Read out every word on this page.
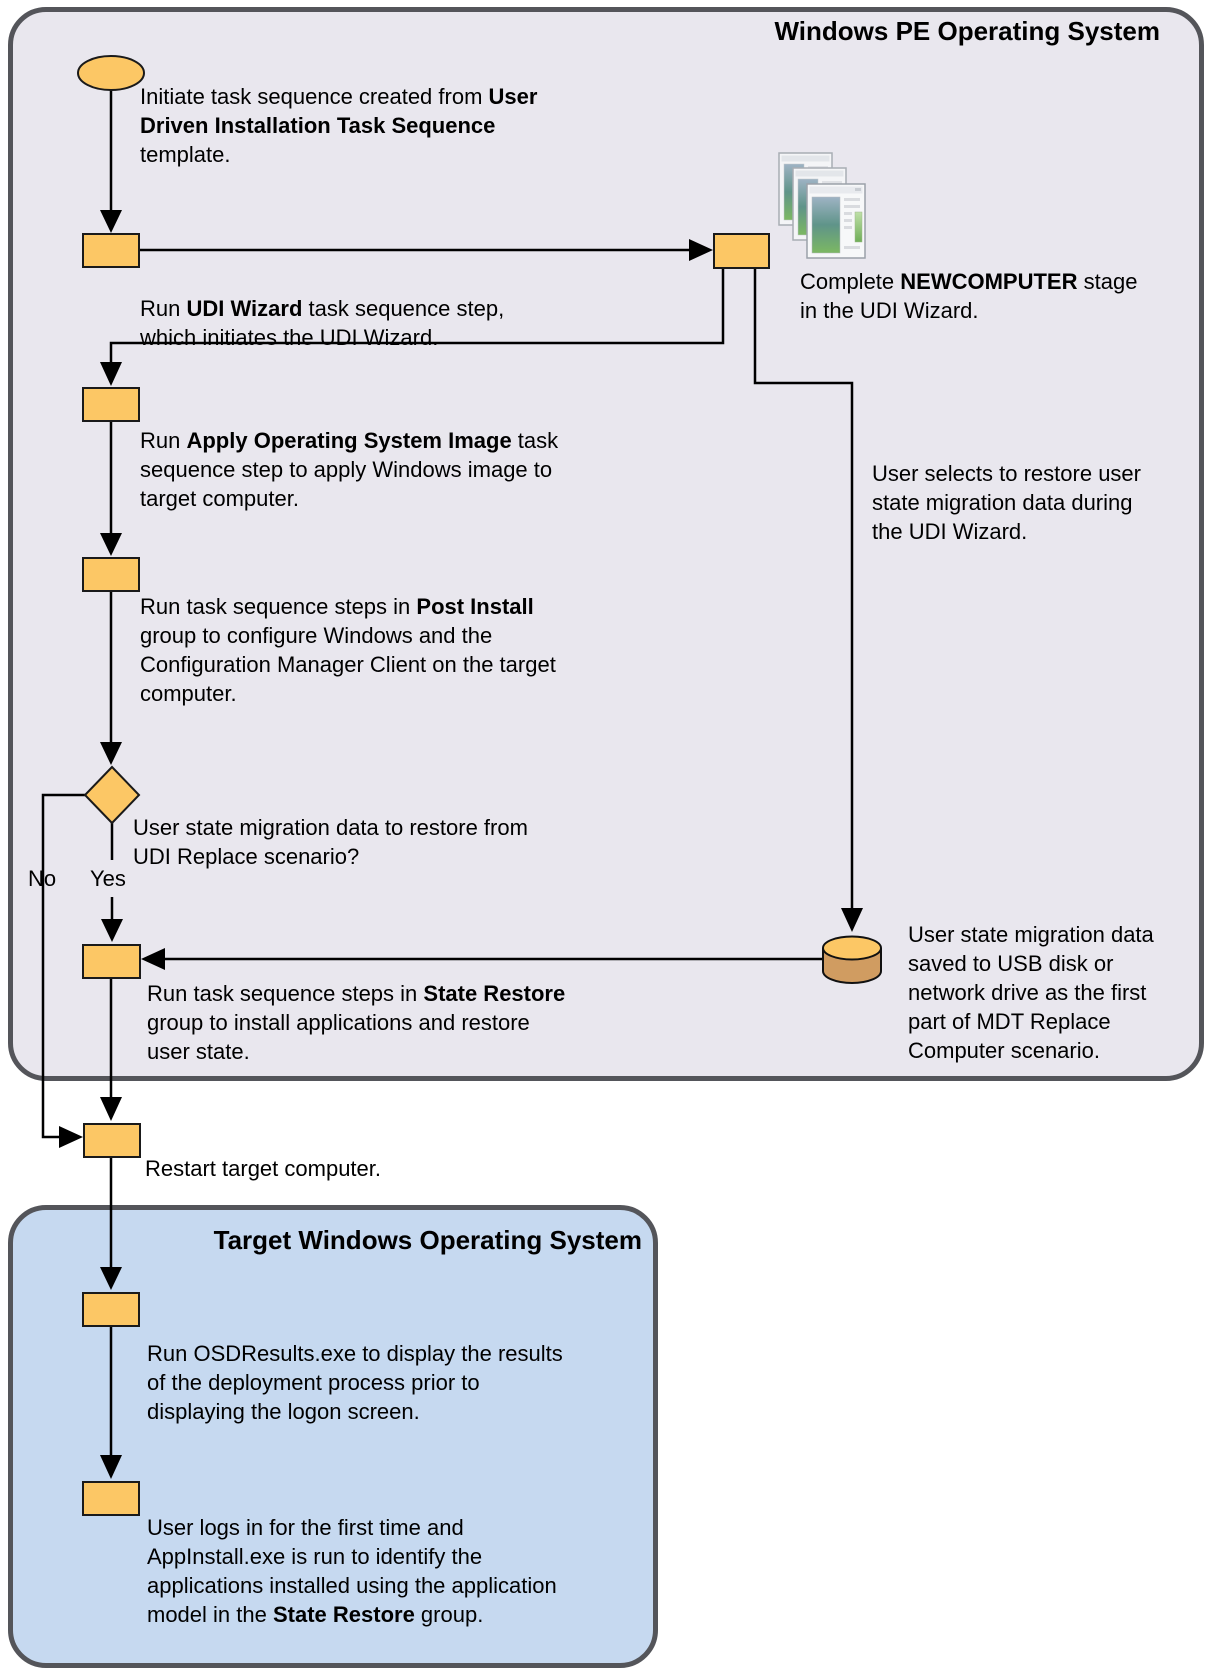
Windows PE Operating System
Target Windows Operating System
Initiate task sequence created from User
Driven Installation Task Sequence
template.
Run UDI Wizard task sequence step,
which initiates the UDI Wizard.
Complete NEWCOMPUTER stage
in the UDI Wizard.
Run Apply Operating System Image task
sequence step to apply Windows image to
target computer.
Run task sequence steps in Post Install
group to configure Windows and the
Configuration Manager Client on the target
computer.
User selects to restore user
state migration data during
the UDI Wizard.
User state migration data to restore from
UDI Replace scenario?
No Yes
User state migration data
saved to USB disk or
network drive as the first
part of MDT Replace
Computer scenario.
Run task sequence steps in State Restore
group to install applications and restore
user state.
Restart target computer.
Run OSDResults.exe to display the results
of the deployment process prior to
displaying the logon screen.
User logs in for the first time and
AppInstall.exe is run to identify the
applications installed using the application
model in the State Restore group.
